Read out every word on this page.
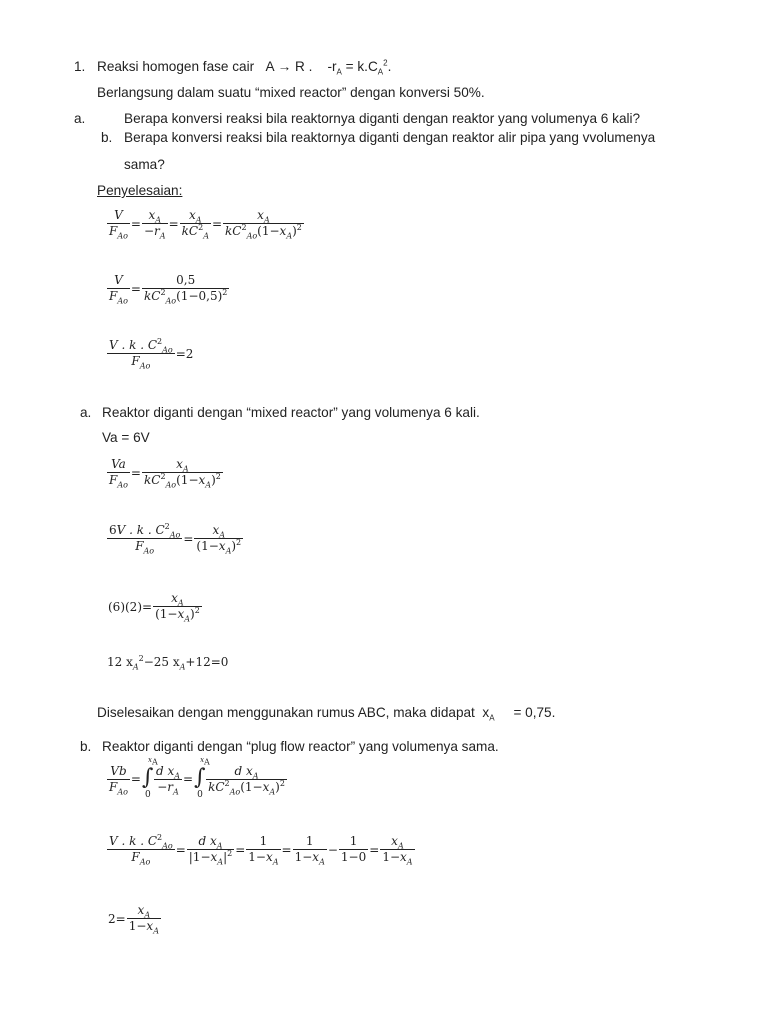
1. Reaksi homogen fase cair A → R . $-r_A = k.C_A^2$.
Berlangsung dalam suatu “mixed reactor” dengan konversi 50%.
a.	Berapa konversi reaksi bila reaktornya diganti dengan reaktor yang volumenya 6 kali?
b. Berapa konversi reaksi bila reaktornya diganti dengan reaktor alir pipa yang vvolumenya
sama?
Penyelesaian:
$\frac{V}{F_{Ao}} = \frac{x_A}{-r_A} = \frac{x_A}{kC^2_A} = \frac{x_A}{kC^2_{Ao}(1-x_A)^2}$
$\frac{V}{F_{Ao}} = \frac{0,5}{kC^2_{Ao}(1-0,5)^2}$
$\frac{V . k . C^2_{Ao}}{F_{Ao}} =2$
a. Reaktor diganti dengan “mixed reactor” yang volumenya 6 kali.
Va = 6V
$\frac{Va}{F_{Ao}} = \frac{x_A}{kC^2_{Ao}(1-x_A)^2}$
$\frac{6V . k . C^2_{Ao}}{F_{Ao}} = \frac{x_A}{(1-x_A)^2}$
$(6)(2)= \frac{x_A}{(1-x_A)^2}$
12 $x_A^2-25$ $x_A+12=0$
Diselesaikan dengan menggunakan rumus ABC, maka didapat $x_A = 0,75$.
b. Reaktor diganti dengan “plug flow reactor” yang volumenya sama.
$\frac{Vb}{F_{Ao}}$ = ∫
$x_A$
0
$\frac{d x_A}{-r_A}$ = ∫
$x_A$
0
$\frac{d x_A}{kC^2_{Ao}(1-x_A)^2}$
$\frac{V . k . C^2_{Ao}}{F_{Ao}} = \frac{d x_A}{|1-x_A|^2} = \frac{1}{1-x_A} = \frac{1}{1-x_A} - \frac{1}{1-0} = \frac{x_A}{1-x_A}$
$2= \frac{x_A}{1-x_A}$
